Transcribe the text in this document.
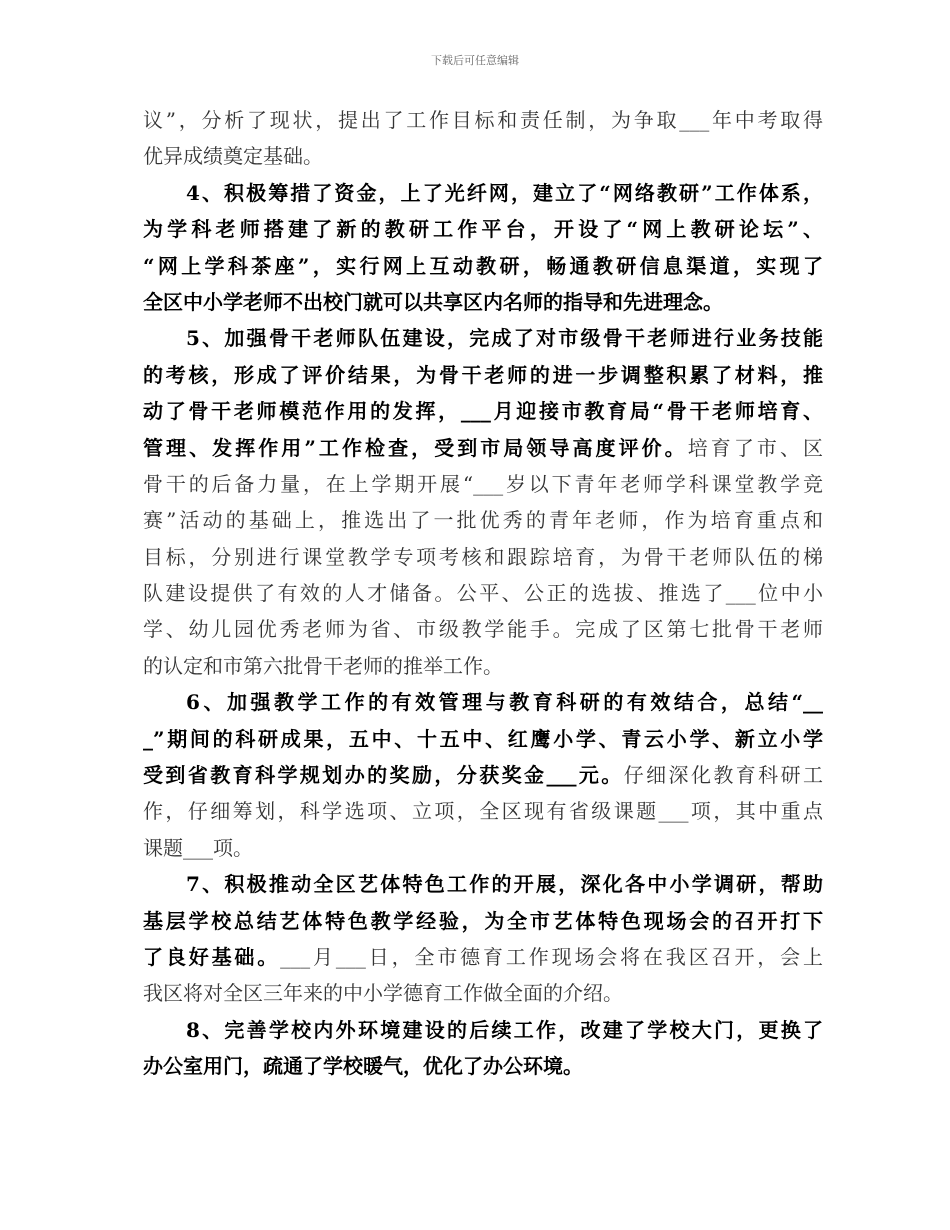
下载后可任意编辑
议”，分析了现状，提出了工作目标和责任制，为争取___年中考取得
优异成绩奠定基础。
4、积极筹措了资金，上了光纤网，建立了“网络教研”工作体系，
为学科老师搭建了新的教研工作平台，开设了“网上教研论坛”、
“网上学科茶座”，实行网上互动教研，畅通教研信息渠道，实现了
全区中小学老师不出校门就可以共享区内名师的指导和先进理念。
5、加强骨干老师队伍建设，完成了对市级骨干老师进行业务技能
的考核，形成了评价结果，为骨干老师的进一步调整积累了材料，推
动了骨干老师模范作用的发挥，___月迎接市教育局“骨干老师培育、
管理、发挥作用”工作检查，受到市局领导高度评价。培育了市、区
骨干的后备力量，在上学期开展“___岁以下青年老师学科课堂教学竞
赛”活动的基础上，推选出了一批优秀的青年老师，作为培育重点和
目标，分别进行课堂教学专项考核和跟踪培育，为骨干老师队伍的梯
队建设提供了有效的人才储备。公平、公正的选拔、推选了___位中小
学、幼儿园优秀老师为省、市级教学能手。完成了区第七批骨干老师
的认定和市第六批骨干老师的推举工作。
6、加强教学工作的有效管理与教育科研的有效结合，总结“__
_”期间的科研成果，五中、十五中、红鹰小学、青云小学、新立小学
受到省教育科学规划办的奖励，分获奖金___元。仔细深化教育科研工
作，仔细筹划，科学选项、立项，全区现有省级课题___项，其中重点
课题___项。
7、积极推动全区艺体特色工作的开展，深化各中小学调研，帮助
基层学校总结艺体特色教学经验，为全市艺体特色现场会的召开打下
了良好基础。___月___日，全市德育工作现场会将在我区召开，会上
我区将对全区三年来的中小学德育工作做全面的介绍。
8、完善学校内外环境建设的后续工作，改建了学校大门，更换了
办公室用门，疏通了学校暖气，优化了办公环境。
